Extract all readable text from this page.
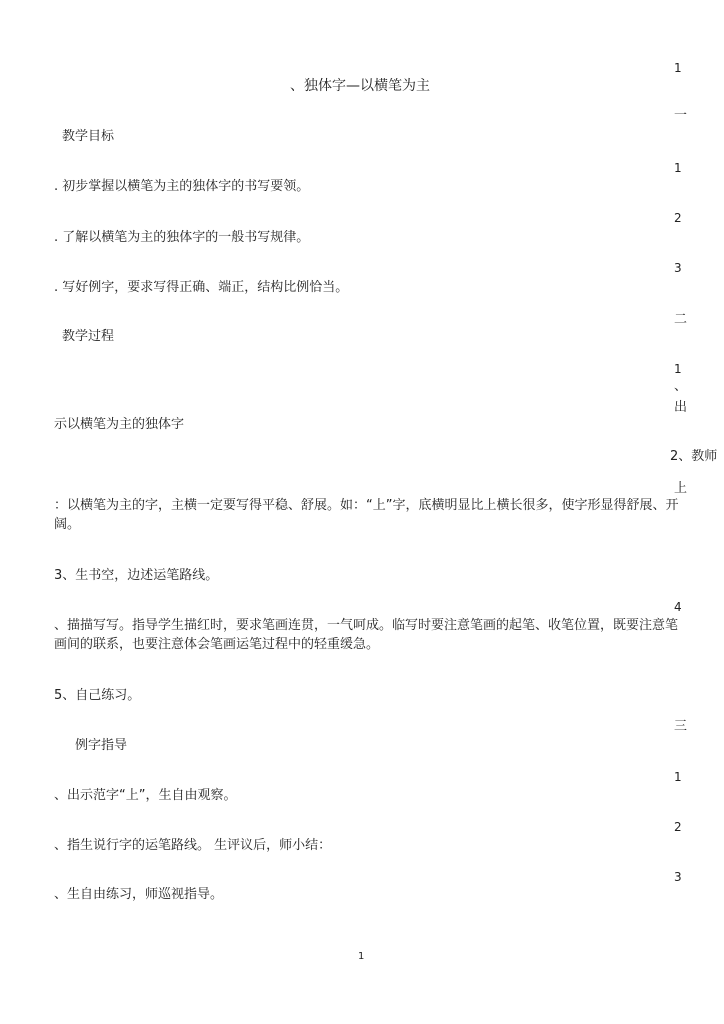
1
一
1
2
3
二
1
、
出
2、教师
上
4
三
1
2
3
、独体字—以横笔为主
教学目标
. 初步掌握以横笔为主的独体字的书写要领。
. 了解以横笔为主的独体字的一般书写规律。
. 写好例字，要求写得正确、端正，结构比例恰当。
教学过程
示以横笔为主的独体字
：以横笔为主的字，主横一定要写得平稳、舒展。如：“上”字，底横明显比上横长很多，使字形显得舒展、开阔。
3、生书空，边述运笔路线。
、描描写写。指导学生描红时，要求笔画连贯，一气呵成。临写时要注意笔画的起笔、收笔位置，既要注意笔画间的联系，也要注意体会笔画运笔过程中的轻重缓急。
5、自己练习。
例字指导
、出示范字“上”，生自由观察。
、指生说行字的运笔路线。 生评议后，师小结：
、生自由练习，师巡视指导。
1
